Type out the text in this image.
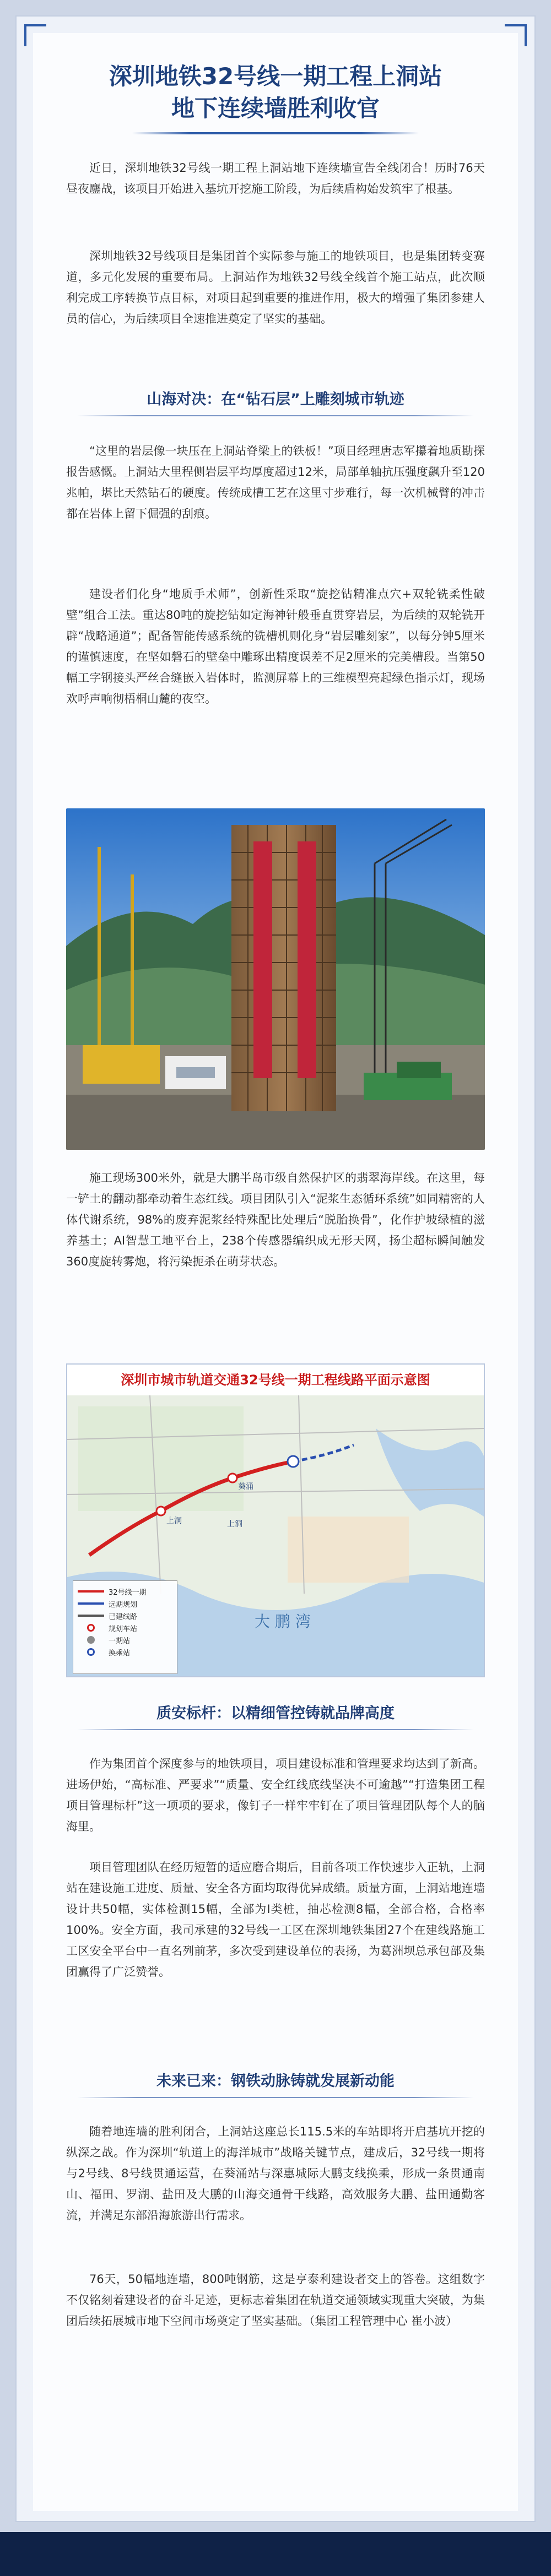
深圳地铁32号线一期工程上洞站
地下连续墙胜利收官

近日，深圳地铁32号线一期工程上洞站地下连续墙宣告全线闭合！历时76天昼夜鏖战，该项目开始进入基坑开挖施工阶段，为后续盾构始发筑牢了根基。

深圳地铁32号线项目是集团首个实际参与施工的地铁项目，也是集团转变赛道，多元化发展的重要布局。上洞站作为地铁32号线全线首个施工站点，此次顺利完成工序转换节点目标，对项目起到重要的推进作用，极大的增强了集团参建人员的信心，为后续项目全速推进奠定了坚实的基础。

山海对决：在“钻石层”上雕刻城市轨迹

“这里的岩层像一块压在上洞站脊梁上的铁板！”项目经理唐志军攥着地质勘探报告感慨。上洞站大里程侧岩层平均厚度超过12米，局部单轴抗压强度飙升至120兆帕，堪比天然钻石的硬度。传统成槽工艺在这里寸步难行，每一次机械臂的冲击都在岩体上留下倔强的刮痕。

建设者们化身“地质手术师”，创新性采取“旋挖钻精准点穴+双轮铣柔性破壁”组合工法。重达80吨的旋挖钻如定海神针般垂直贯穿岩层，为后续的双轮铣开辟“战略通道”；配备智能传感系统的铣槽机则化身“岩层雕刻家”，以每分钟5厘米的谨慎速度，在坚如磐石的壁垒中雕琢出精度误差不足2厘米的完美槽段。当第50幅工字钢接头严丝合缝嵌入岩体时，监测屏幕上的三维模型亮起绿色指示灯，现场欢呼声响彻梧桐山麓的夜空。

施工现场300米外，就是大鹏半岛市级自然保护区的翡翠海岸线。在这里，每一铲土的翻动都牵动着生态红线。项目团队引入“泥浆生态循环系统”如同精密的人体代谢系统，98%的废弃泥浆经特殊配比处理后“脱胎换骨”，化作护坡绿植的滋养基土；AI智慧工地平台上，238个传感器编织成无形天网，扬尘超标瞬间触发360度旋转雾炮，将污染扼杀在萌芽状态。

深圳市城市轨道交通32号线一期工程线路平面示意图
上洞
葵涌
上洞
大 鹏 湾
32号线一期
远期规划
已建线路
规划车站
一期站
换乘站
质安标杆：以精细管控铸就品牌高度

作为集团首个深度参与的地铁项目，项目建设标准和管理要求均达到了新高。进场伊始，“高标准、严要求”“质量、安全红线底线坚决不可逾越”“打造集团工程项目管理标杆”这一项项的要求，像钉子一样牢牢钉在了项目管理团队每个人的脑海里。

项目管理团队在经历短暂的适应磨合期后，目前各项工作快速步入正轨，上洞站在建设施工进度、质量、安全各方面均取得优异成绩。质量方面，上洞站地连墙设计共50幅，实体检测15幅，全部为Ⅰ类桩，抽芯检测8幅，全部合格，合格率100%。安全方面，我司承建的32号线一工区在深圳地铁集团27个在建线路施工工区安全平台中一直名列前茅，多次受到建设单位的表扬，为葛洲坝总承包部及集团赢得了广泛赞誉。

未来已来：钢铁动脉铸就发展新动能

随着地连墙的胜利闭合，上洞站这座总长115.5米的车站即将开启基坑开挖的纵深之战。作为深圳“轨道上的海洋城市”战略关键节点，建成后，32号线一期将与2号线、8号线贯通运营，在葵涌站与深惠城际大鹏支线换乘，形成一条贯通南山、福田、罗湖、盐田及大鹏的山海交通骨干线路，高效服务大鹏、盐田通勤客流，并满足东部沿海旅游出行需求。

76天，50幅地连墙，800吨钢筋，这是亨泰利建设者交上的答卷。这组数字不仅铭刻着建设者的奋斗足迹，更标志着集团在轨道交通领域实现重大突破，为集团后续拓展城市地下空间市场奠定了坚实基础。（集团工程管理中心 崔小波）
